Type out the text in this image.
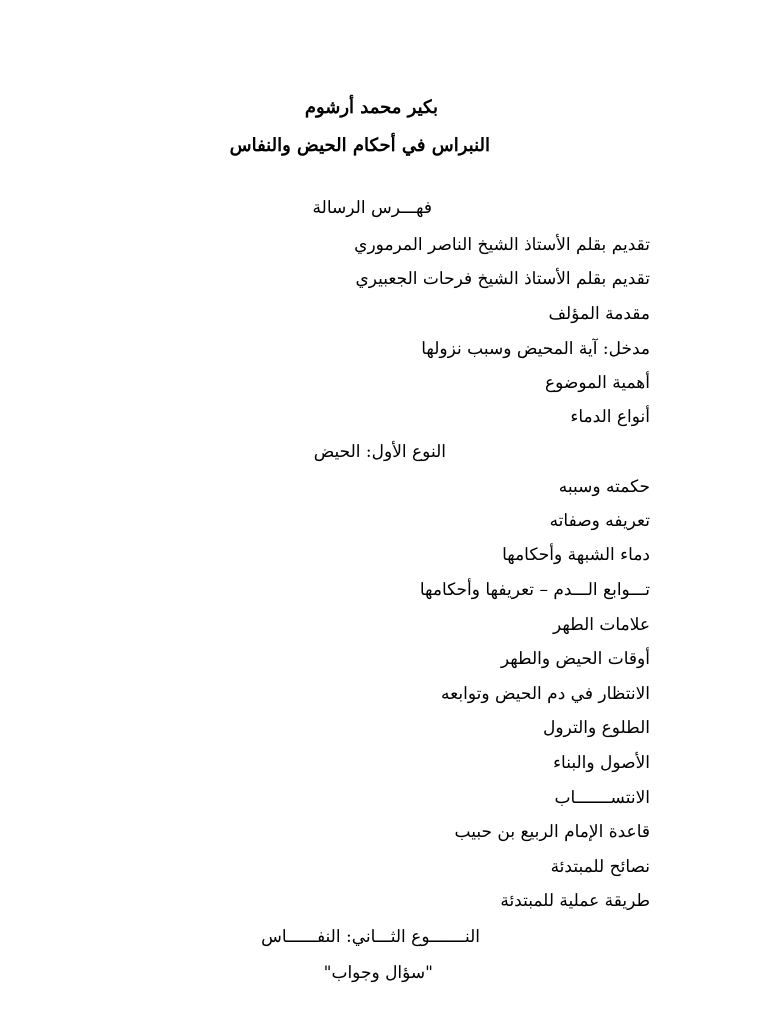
بكير محمد أرشوم
النبراس في أحكام الحيض والنفاس
فهـــرس الرسالة
تقديم بقلم الأستاذ الشيخ الناصر المرموري
تقديم بقلم الأستاذ الشيخ فرحات الجعبيري
مقدمة المؤلف
مدخل: آية المحيض وسبب نزولها
أهمية الموضوع
أنواع الدماء
النوع الأول: الحيض
حكمته وسببه
تعريفه وصفاته
دماء الشبهة وأحكامها
تـــوابع الـــدم – تعريفها وأحكامها
علامات الطهر
أوقات الحيض والطهر
الانتظار في دم الحيض وتوابعه
الطلوع والترول
الأصول والبناء
الانتســـــــاب
قاعدة الإمام الربيع بن حبيب
نصائح للمبتدئة
طريقة عملية للمبتدئة
النـــــــوع الثـــاني: النفــــــاس
"سؤال وجواب"
